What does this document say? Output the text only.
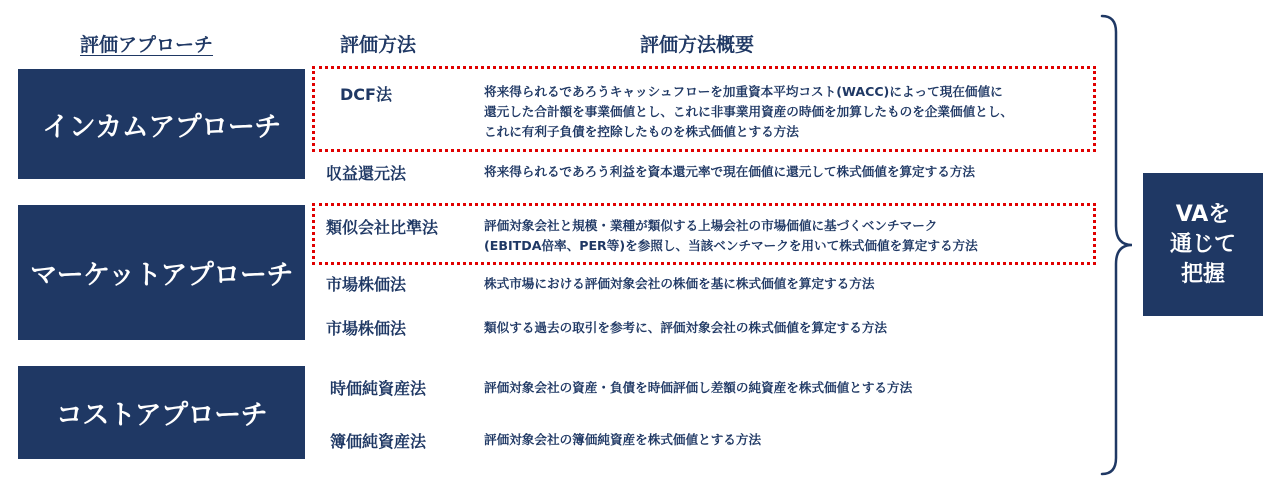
評価アプローチ	評価方法	評価方法概要
インカムアプローチ
マーケットアプローチ
コストアプローチ
DCF法	将来得られるであろうキャッシュフローを加重資本平均コスト(WACC)によって現在価値に
還元した合計額を事業価値とし、これに非事業用資産の時価を加算したものを企業価値とし、
これに有利子負債を控除したものを株式価値とする方法
収益還元法	将来得られるであろう利益を資本還元率で現在価値に還元して株式価値を算定する方法
類似会社比準法	評価対象会社と規模・業種が類似する上場会社の市場価値に基づくベンチマーク
(EBITDA倍率、PER等)を参照し、当該ベンチマークを用いて株式価値を算定する方法
市場株価法	株式市場における評価対象会社の株価を基に株式価値を算定する方法
市場株価法	類似する過去の取引を参考に、評価対象会社の株式価値を算定する方法
時価純資産法	評価対象会社の資産・負債を時価評価し差額の純資産を株式価値とする方法
簿価純資産法	評価対象会社の簿価純資産を株式価値とする方法
VAを
通じて
把握
